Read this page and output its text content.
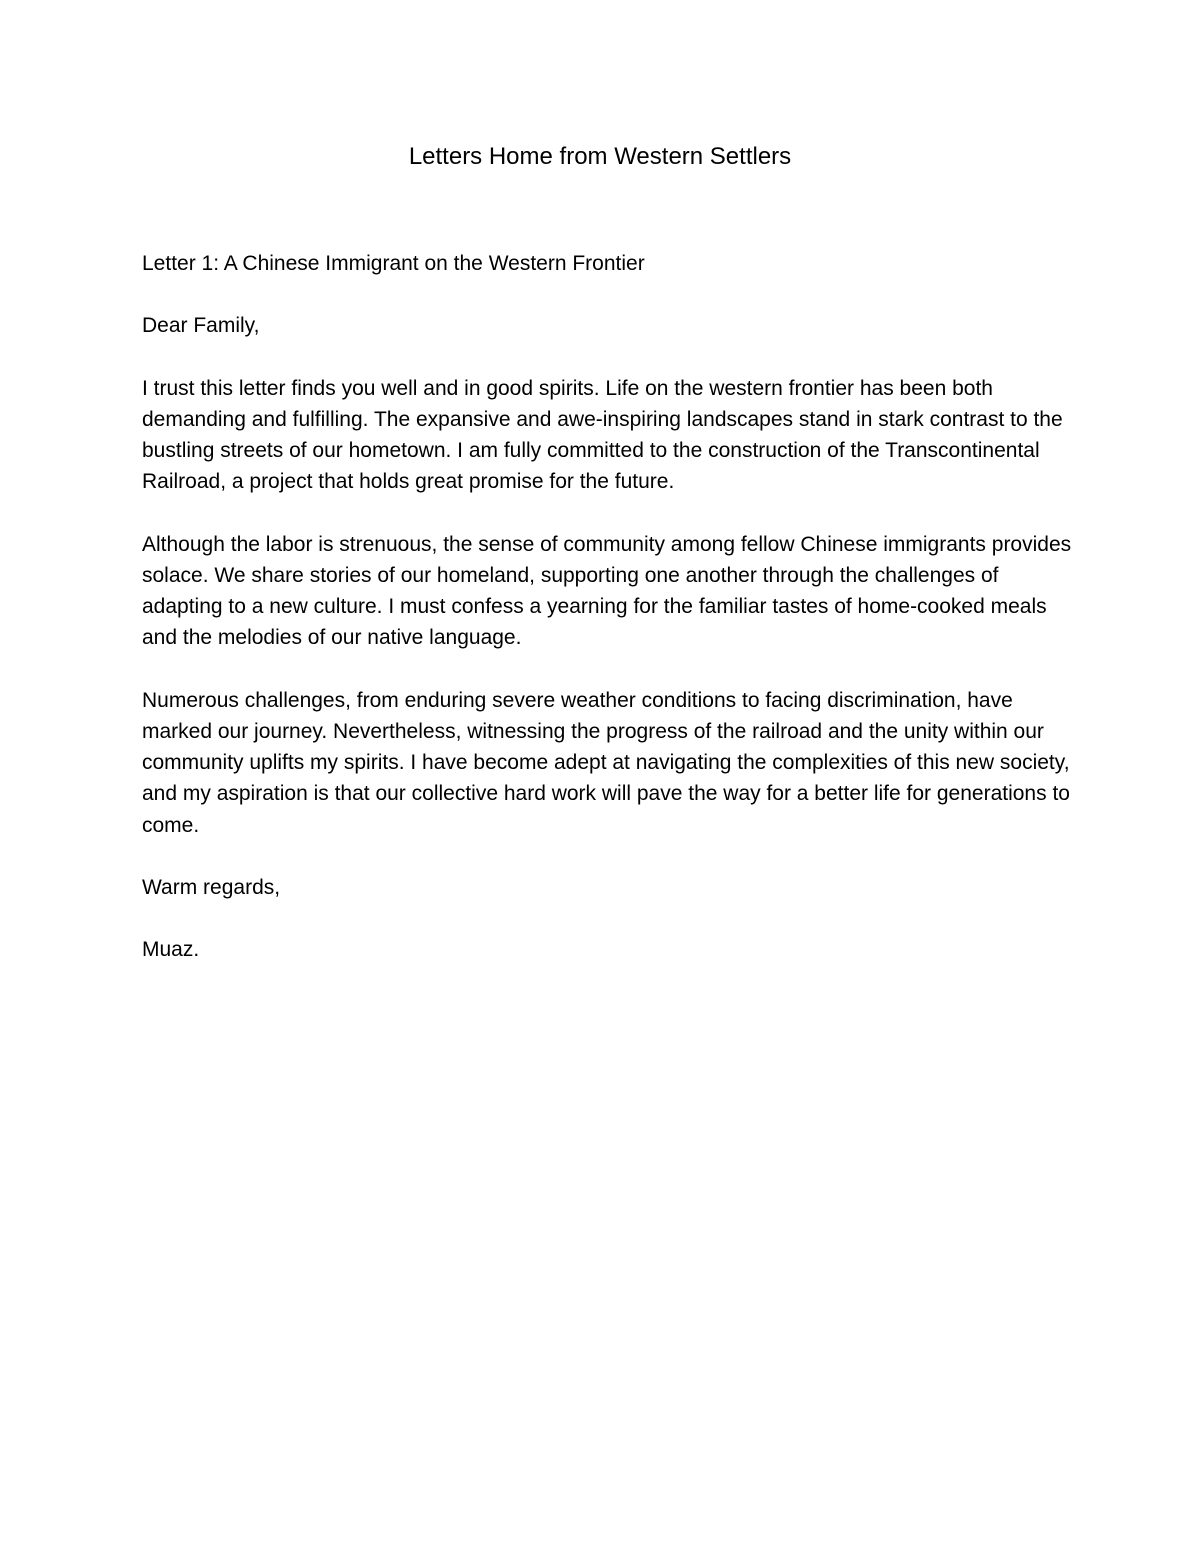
Letters Home from Western Settlers

Letter 1: A Chinese Immigrant on the Western Frontier

Dear Family,

I trust this letter finds you well and in good spirits. Life on the western frontier has been both demanding and fulfilling. The expansive and awe-inspiring landscapes stand in stark contrast to the bustling streets of our hometown. I am fully committed to the construction of the Transcontinental Railroad, a project that holds great promise for the future.

Although the labor is strenuous, the sense of community among fellow Chinese immigrants provides solace. We share stories of our homeland, supporting one another through the challenges of adapting to a new culture. I must confess a yearning for the familiar tastes of home-cooked meals and the melodies of our native language.

Numerous challenges, from enduring severe weather conditions to facing discrimination, have marked our journey. Nevertheless, witnessing the progress of the railroad and the unity within our community uplifts my spirits. I have become adept at navigating the complexities of this new society, and my aspiration is that our collective hard work will pave the way for a better life for generations to come.

Warm regards,

Muaz.
